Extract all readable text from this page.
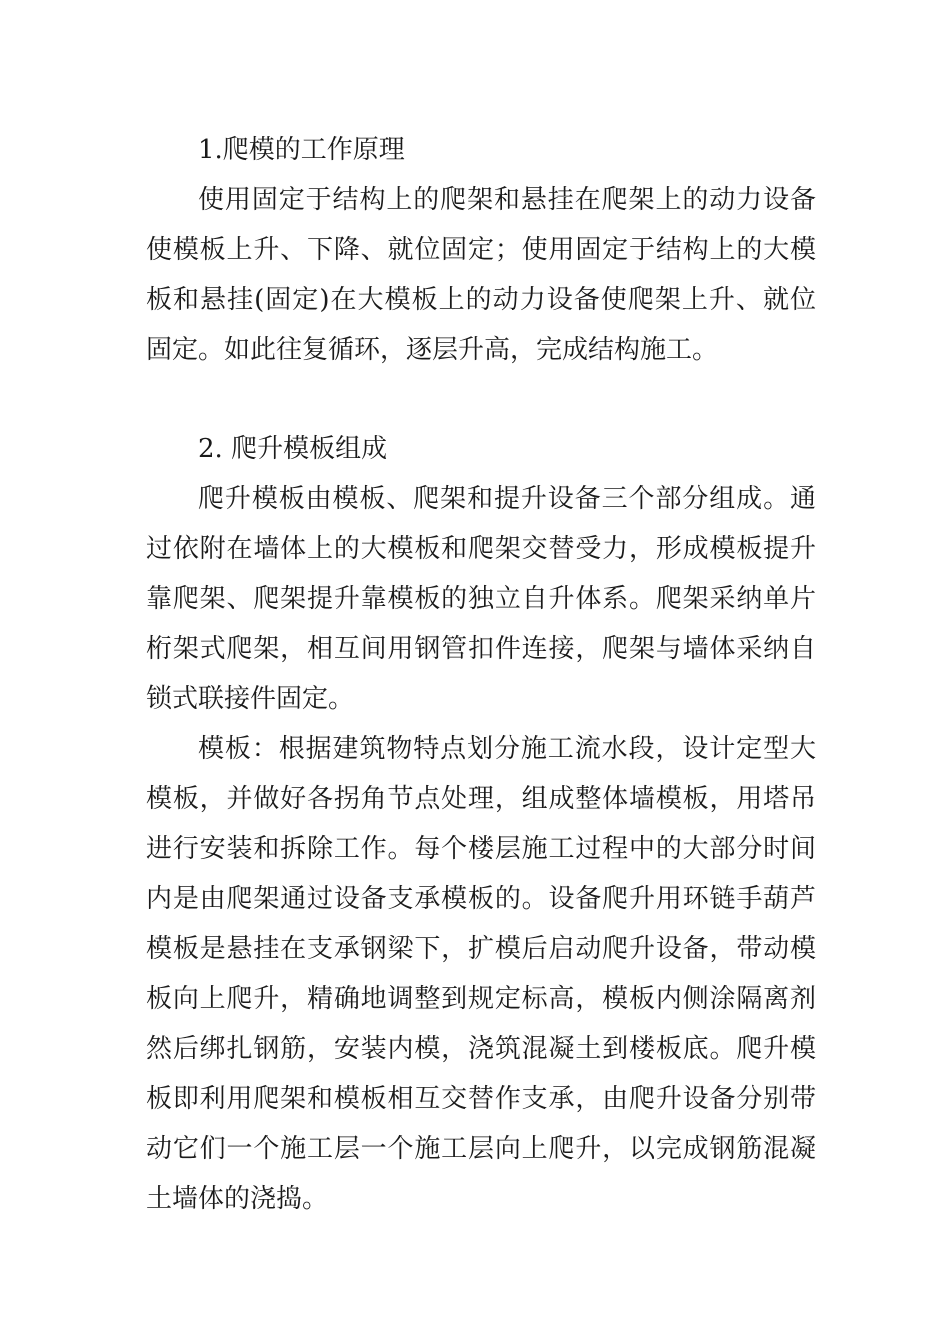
1.爬模的工作原理
使用固定于结构上的爬架和悬挂在爬架上的动力设备
使模板上升、下降、就位固定；使用固定于结构上的大模
板和悬挂(固定)在大模板上的动力设备使爬架上升、就位
固定。如此往复循环，逐层升高，完成结构施工。
2. 爬升模板组成
爬升模板由模板、爬架和提升设备三个部分组成。通
过依附在墙体上的大模板和爬架交替受力，形成模板提升
靠爬架、爬架提升靠模板的独立自升体系。爬架采纳单片
桁架式爬架，相互间用钢管扣件连接，爬架与墙体采纳自
锁式联接件固定。
模板：根据建筑物特点划分施工流水段，设计定型大
模板，并做好各拐角节点处理，组成整体墙模板，用塔吊
进行安装和拆除工作。每个楼层施工过程中的大部分时间
内是由爬架通过设备支承模板的。设备爬升用环链手葫芦
模板是悬挂在支承钢梁下，扩模后启动爬升设备，带动模
板向上爬升，精确地调整到规定标高，模板内侧涂隔离剂
然后绑扎钢筋，安装内模，浇筑混凝土到楼板底。爬升模
板即利用爬架和模板相互交替作支承，由爬升设备分别带
动它们一个施工层一个施工层向上爬升，以完成钢筋混凝
土墙体的浇捣。
